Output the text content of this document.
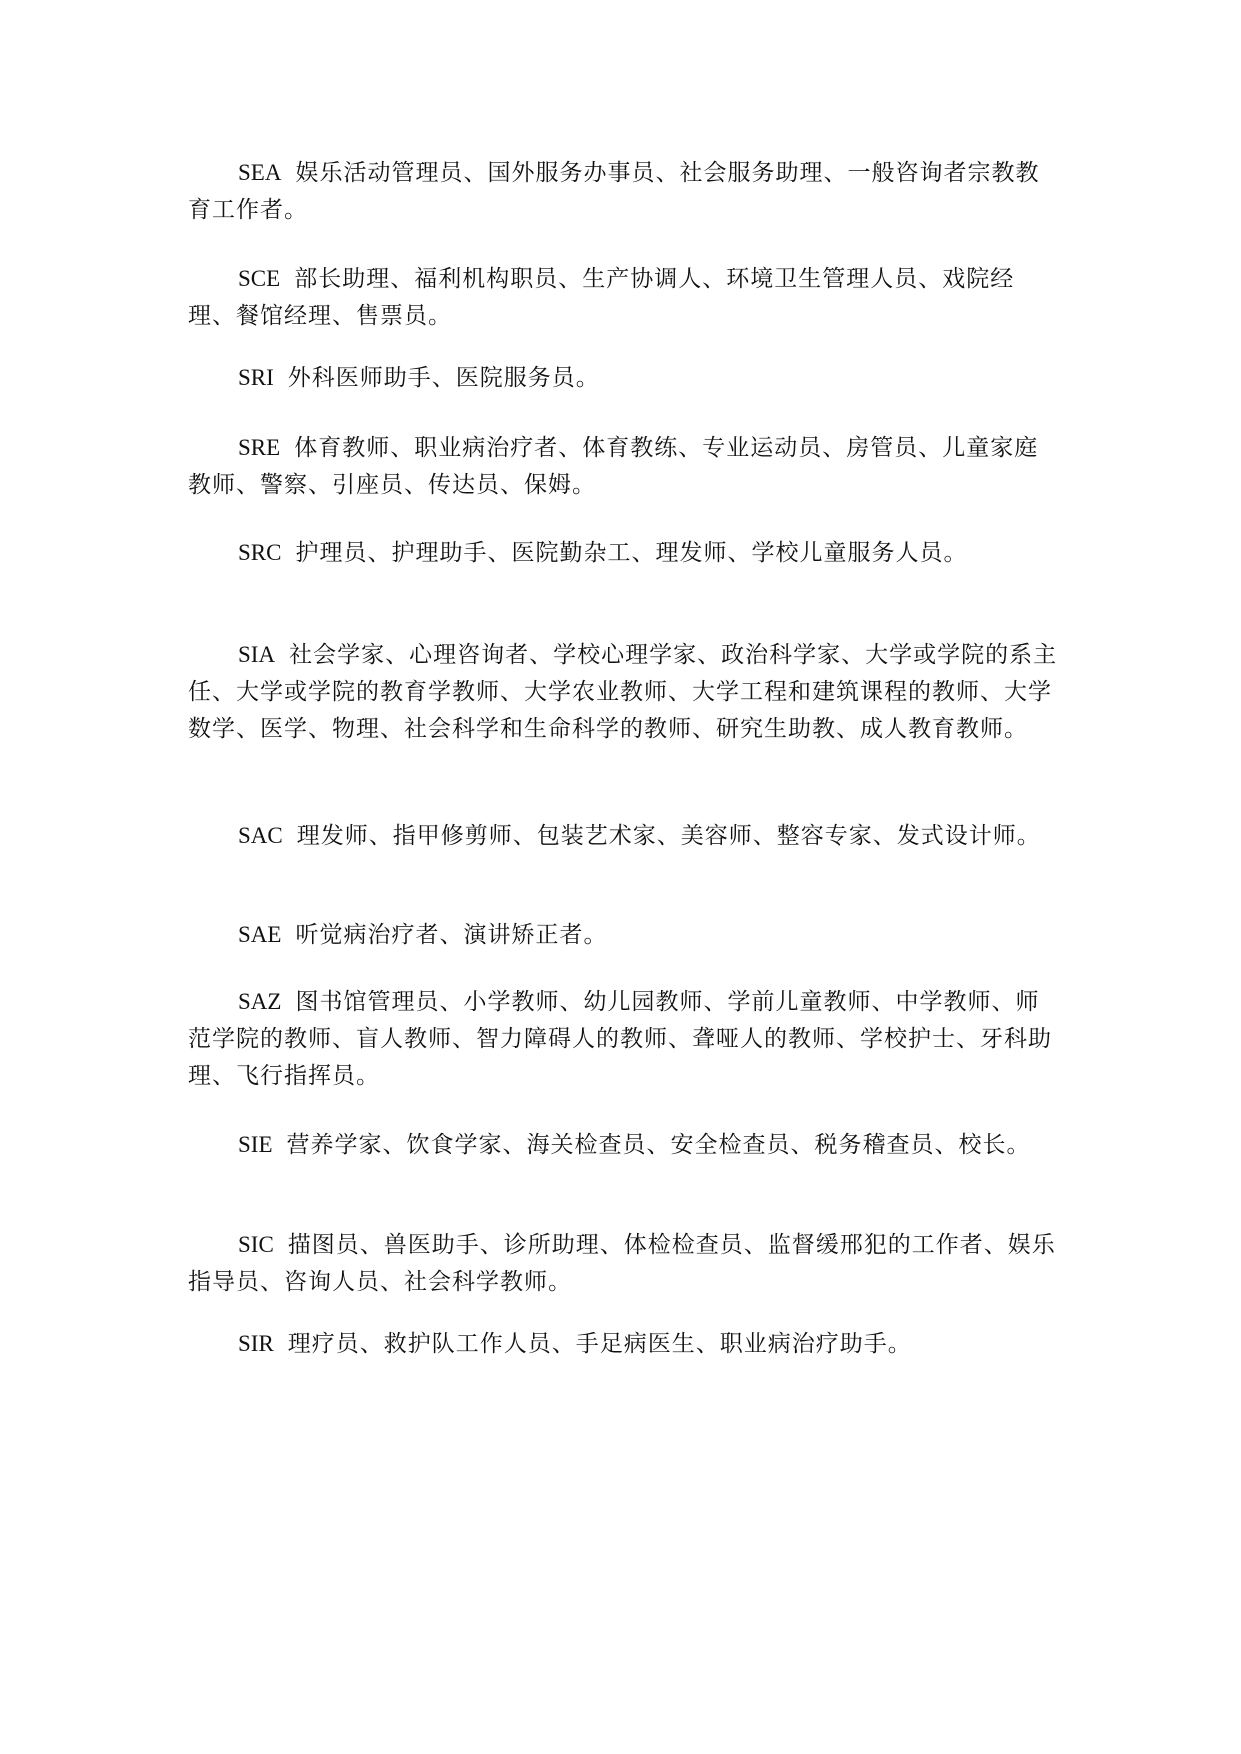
SEA 娱乐活动管理员、国外服务办事员、社会服务助理、一般咨询者宗教教育工作者。

SCE 部长助理、福利机构职员、生产协调人、环境卫生管理人员、戏院经理、餐馆经理、售票员。

SRI 外科医师助手、医院服务员。

SRE 体育教师、职业病治疗者、体育教练、专业运动员、房管员、儿童家庭教师、警察、引座员、传达员、保姆。

SRC 护理员、护理助手、医院勤杂工、理发师、学校儿童服务人员。

SIA 社会学家、心理咨询者、学校心理学家、政治科学家、大学或学院的系主任、大学或学院的教育学教师、大学农业教师、大学工程和建筑课程的教师、大学数学、医学、物理、社会科学和生命科学的教师、研究生助教、成人教育教师。

SAC 理发师、指甲修剪师、包装艺术家、美容师、整容专家、发式设计师。

SAE 听觉病治疗者、演讲矫正者。

SAZ 图书馆管理员、小学教师、幼儿园教师、学前儿童教师、中学教师、师范学院的教师、盲人教师、智力障碍人的教师、聋哑人的教师、学校护士、牙科助理、飞行指挥员。

SIE 营养学家、饮食学家、海关检查员、安全检查员、税务稽查员、校长。

SIC 描图员、兽医助手、诊所助理、体检检查员、监督缓邢犯的工作者、娱乐指导员、咨询人员、社会科学教师。

SIR 理疗员、救护队工作人员、手足病医生、职业病治疗助手。
